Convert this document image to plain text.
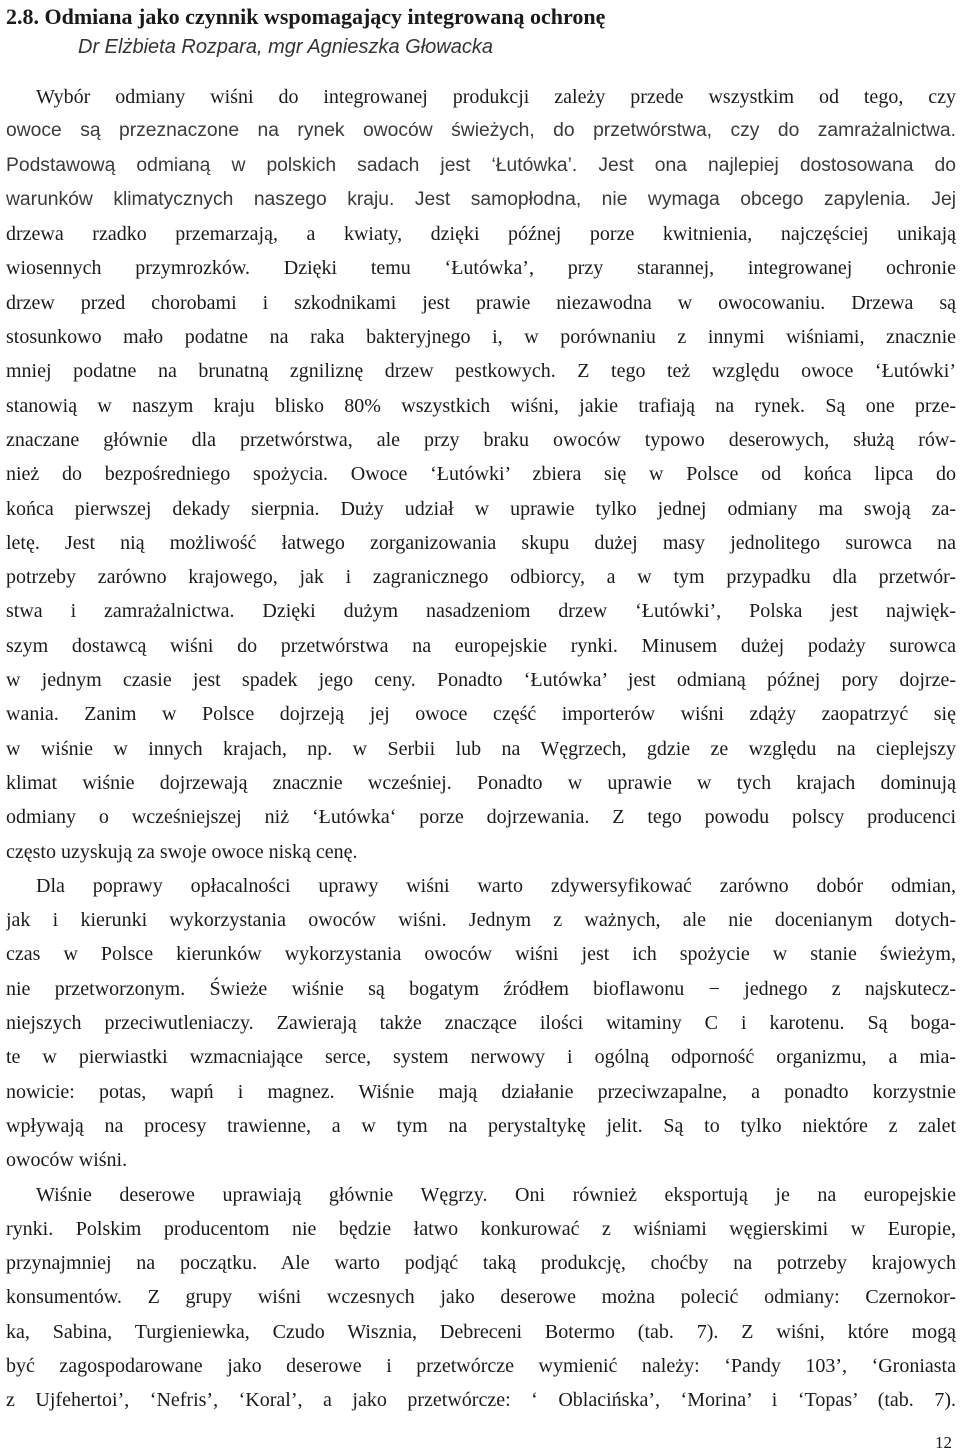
2.8. Odmiana jako czynnik wspomagający integrowaną ochronę
Dr Elżbieta Rozpara, mgr Agnieszka Głowacka
Wybór odmiany wiśni do integrowanej produkcji zależy przede wszystkim od tego, czy
owoce są przeznaczone na rynek owoców świeżych, do przetwórstwa, czy do zamrażalnictwa.
Podstawową odmianą w polskich sadach jest ‘Łutówka’. Jest ona najlepiej dostosowana do
warunków klimatycznych naszego kraju. Jest samopłodna, nie wymaga obcego zapylenia. Jej
drzewa rzadko przemarzają, a kwiaty, dzięki późnej porze kwitnienia, najczęściej unikają
wiosennych przymrozków. Dzięki temu ‘Łutówka’, przy starannej, integrowanej ochronie
drzew przed chorobami i szkodnikami jest prawie niezawodna w owocowaniu. Drzewa są
stosunkowo mało podatne na raka bakteryjnego i, w porównaniu z innymi wiśniami, znacznie
mniej podatne na brunatną zgniliznę drzew pestkowych. Z tego też względu owoce ‘Łutówki’
stanowią w naszym kraju blisko 80% wszystkich wiśni, jakie trafiają na rynek. Są one prze-
znaczane głównie dla przetwórstwa, ale przy braku owoców typowo deserowych, służą rów-
nież do bezpośredniego spożycia. Owoce ‘Łutówki’ zbiera się w Polsce od końca lipca do
końca pierwszej dekady sierpnia. Duży udział w uprawie tylko jednej odmiany ma swoją za-
letę. Jest nią możliwość łatwego zorganizowania skupu dużej masy jednolitego surowca na
potrzeby zarówno krajowego, jak i zagranicznego odbiorcy, a w tym przypadku dla przetwór-
stwa i zamrażalnictwa. Dzięki dużym nasadzeniom drzew ‘Łutówki’, Polska jest najwięk-
szym dostawcą wiśni do przetwórstwa na europejskie rynki. Minusem dużej podaży surowca
w jednym czasie jest spadek jego ceny. Ponadto ‘Łutówka’ jest odmianą późnej pory dojrze-
wania. Zanim w Polsce dojrzeją jej owoce część importerów wiśni zdąży zaopatrzyć się
w wiśnie w innych krajach, np. w Serbii lub na Węgrzech, gdzie ze względu na cieplejszy
klimat wiśnie dojrzewają znacznie wcześniej. Ponadto w uprawie w tych krajach dominują
odmiany o wcześniejszej niż ‘Łutówka‘ porze dojrzewania. Z tego powodu polscy producenci
często uzyskują za swoje owoce niską cenę.
Dla poprawy opłacalności uprawy wiśni warto zdywersyfikować zarówno dobór odmian,
jak i kierunki wykorzystania owoców wiśni. Jednym z ważnych, ale nie docenianym dotych-
czas w Polsce kierunków wykorzystania owoców wiśni jest ich spożycie w stanie świeżym,
nie przetworzonym. Świeże wiśnie są bogatym źródłem bioflawonu − jednego z najskutecz-
niejszych przeciwutleniaczy. Zawierają także znaczące ilości witaminy C i karotenu. Są boga-
te w pierwiastki wzmacniające serce, system nerwowy i ogólną odporność organizmu, a mia-
nowicie: potas, wapń i magnez. Wiśnie mają działanie przeciwzapalne, a ponadto korzystnie
wpływają na procesy trawienne, a w tym na perystaltykę jelit. Są to tylko niektóre z zalet
owoców wiśni.
Wiśnie deserowe uprawiają głównie Węgrzy. Oni również eksportują je na europejskie
rynki. Polskim producentom nie będzie łatwo konkurować z wiśniami węgierskimi w Europie,
przynajmniej na początku. Ale warto podjąć taką produkcję, choćby na potrzeby krajowych
konsumentów. Z grupy wiśni wczesnych jako deserowe można polecić odmiany: Czernokor-
ka, Sabina, Turgieniewka, Czudo Wisznia, Debreceni Botermo (tab. 7). Z wiśni, które mogą
być zagospodarowane jako deserowe i przetwórcze wymienić należy: ‘Pandy 103’, ‘Groniasta
z Ujfehertoi’, ‘Nefris’, ‘Koral’, a jako przetwórcze: ‘ Oblacińska’, ‘Morina’ i ‘Topas’ (tab. 7).
12
